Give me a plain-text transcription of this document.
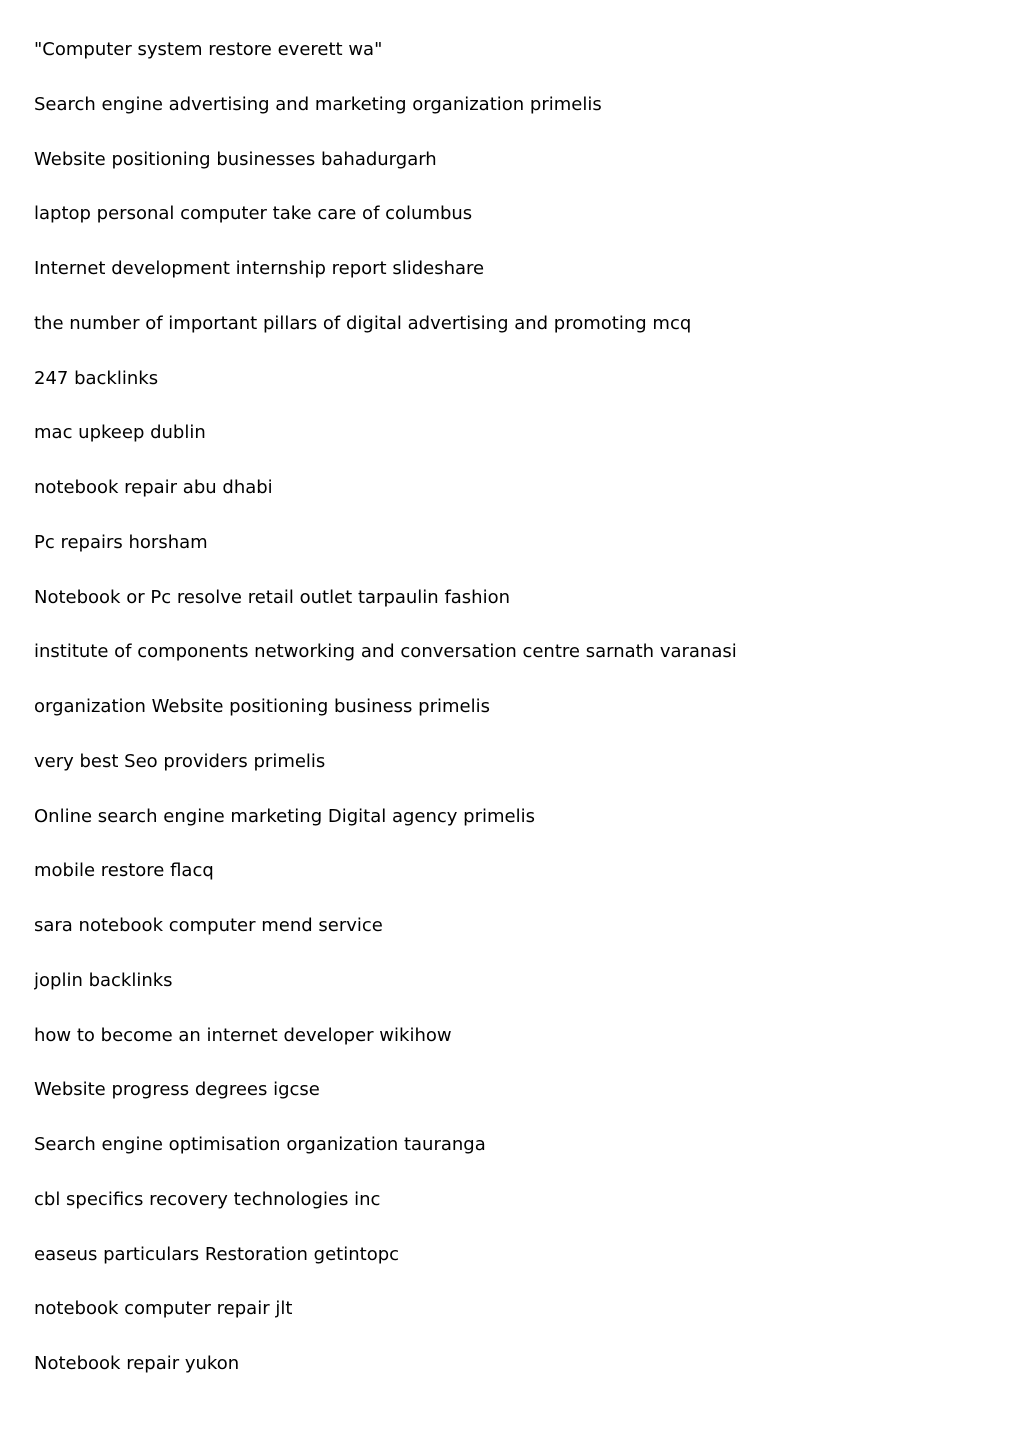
"Computer system restore everett wa"
Search engine advertising and marketing organization primelis
Website positioning businesses bahadurgarh
laptop personal computer take care of columbus
Internet development internship report slideshare
the number of important pillars of digital advertising and promoting mcq
247 backlinks
mac upkeep dublin
notebook repair abu dhabi
Pc repairs horsham
Notebook or Pc resolve retail outlet tarpaulin fashion
institute of components networking and conversation centre sarnath varanasi
organization Website positioning business primelis
very best Seo providers primelis
Online search engine marketing Digital agency primelis
mobile restore flacq
sara notebook computer mend service
joplin backlinks
how to become an internet developer wikihow
Website progress degrees igcse
Search engine optimisation organization tauranga
cbl specifics recovery technologies inc
easeus particulars Restoration getintopc
notebook computer repair jlt
Notebook repair yukon
